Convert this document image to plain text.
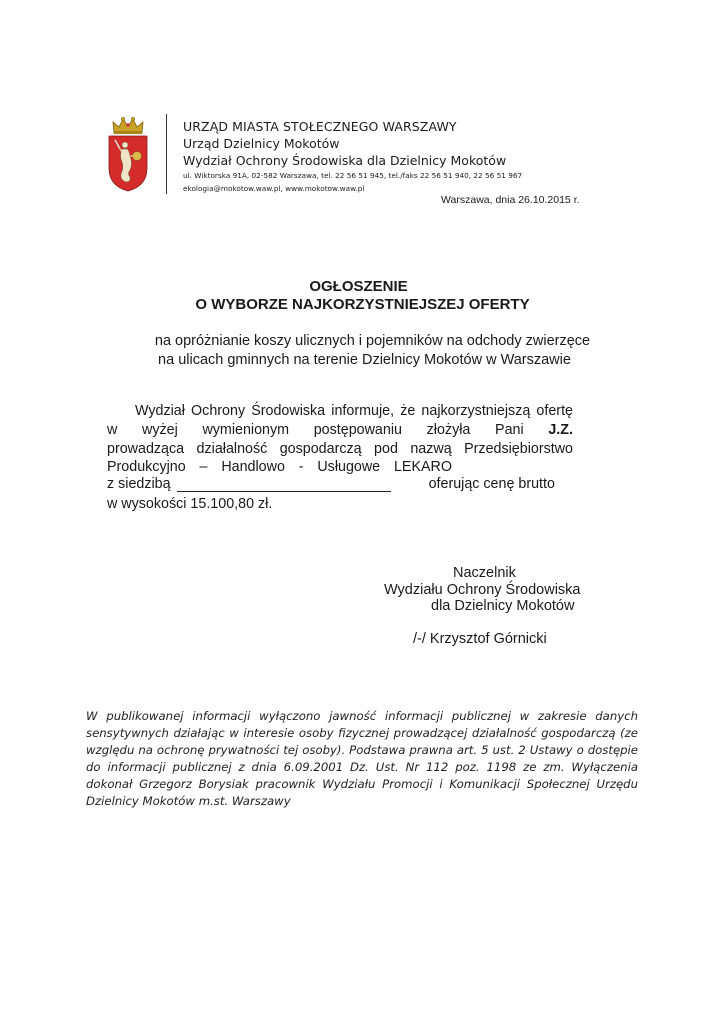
URZĄD MIASTA STOŁECZNEGO WARSZAWY
Urząd Dzielnicy Mokotów
Wydział Ochrony Środowiska dla Dzielnicy Mokotów
ul. Wiktorska 91A, 02-582 Warszawa, tel. 22 56 51 945, tel./faks 22 56 51 940, 22 56 51 967
ekologia@mokotow.waw.pl, www.mokotow.waw.pl
Warszawa, dnia 26.10.2015 r.
OGŁOSZENIE
O WYBORZE NAJKORZYSTNIEJSZEJ OFERTY
na opróżnianie koszy ulicznych i pojemników na odchody zwierzęce
na ulicach gminnych na terenie Dzielnicy Mokotów w Warszawie
Wydział Ochrony Środowiska informuje, że najkorzystniejszą ofertę
w wyżej wymienionym postępowaniu złożyła Pani J.Z.
prowadząca działalność gospodarczą pod nazwą Przedsiębiorstwo
Produkcyjno – Handlowo - Usługowe LEKARO
z siedzibą	oferując cenę brutto
w wysokości 15.100,80 zł.
Naczelnik
Wydziału Ochrony Środowiska
dla Dzielnicy Mokotów
/-/ Krzysztof Górnicki
W publikowanej informacji wyłączono jawność informacji publicznej w zakresie danych sensytywnych działając w interesie osoby fizycznej prowadzącej działalność gospodarczą (ze względu na ochronę prywatności tej osoby). Podstawa prawna art. 5 ust. 2 Ustawy o dostępie do informacji publicznej z dnia 6.09.2001 Dz. Ust. Nr 112 poz. 1198 ze zm. Wyłączenia dokonał Grzegorz Borysiak pracownik Wydziału Promocji i Komunikacji Społecznej Urzędu Dzielnicy Mokotów m.st. Warszawy
